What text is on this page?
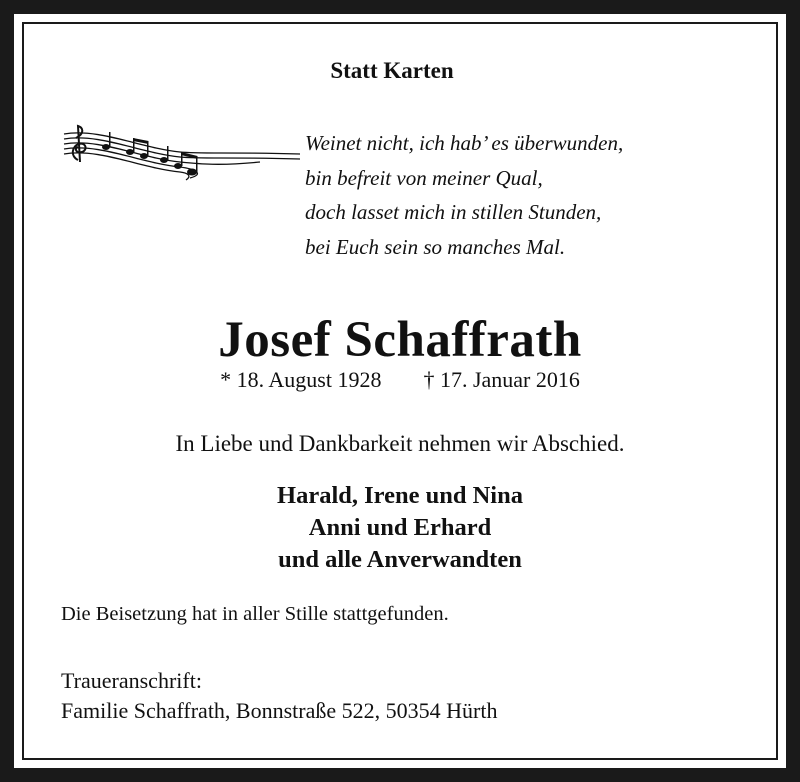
Statt Karten
Weinet nicht, ich hab’ es überwunden,
bin befreit von meiner Qual,
doch lasset mich in stillen Stunden,
bei Euch sein so manches Mal.
Josef Schaffrath
* 18. August 1928 † 17. Januar 2016
In Liebe und Dankbarkeit nehmen wir Abschied.
Harald, Irene und Nina
Anni und Erhard
und alle Anverwandten
Die Beisetzung hat in aller Stille stattgefunden.
Traueranschrift:
Familie Schaffrath, Bonnstraße 522, 50354 Hürth
